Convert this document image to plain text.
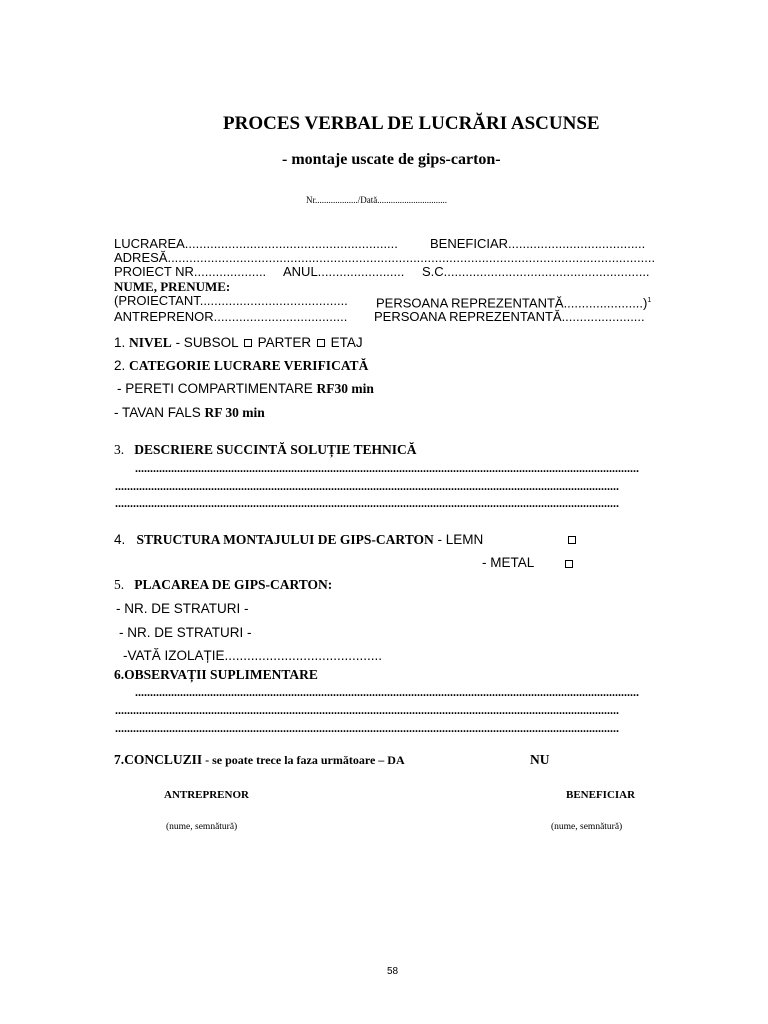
PROCES VERBAL DE LUCRĂRI ASCUNSE
- montaje uscate de gips-carton-
Nr.................../Dată...............................
LUCRAREA........................................................... BENEFICIAR......................................
ADRESĂ.......................................................................................................................................
PROIECT NR.................... ANUL........................ S.C.........................................................
NUME, PRENUME:
(PROIECTANT......................................... PERSOANA REPREZENTANTĂ......................)$^1$
ANTREPRENOR..................................... PERSOANA REPREZENTANTĂ.......................
1. NIVEL - SUBSOL PARTER ETAJ
2. CATEGORIE LUCRARE VERIFICATĂ
- PERETI COMPARTIMENTARE RF30 min
- TAVAN FALS RF 30 min
3. DESCRIERE SUCCINTĂ SOLUȚIE TEHNICĂ
........................................................................................................................................................................
........................................................................................................................................................................
........................................................................................................................................................................
4. STRUCTURA MONTAJULUI DE GIPS-CARTON - LEMN
- METAL
5. PLACAREA DE GIPS-CARTON:
- NR. DE STRATURI -
- NR. DE STRATURI -
-VATĂ IZOLAȚIE..........................................
6.OBSERVAȚII SUPLIMENTARE
........................................................................................................................................................................
........................................................................................................................................................................
........................................................................................................................................................................
7.CONCLUZII - se poate trece la faza următoare – DA	NU
ANTREPRENOR
(nume, semnătură)
BENEFICIAR
(nume, semnătură)
58
